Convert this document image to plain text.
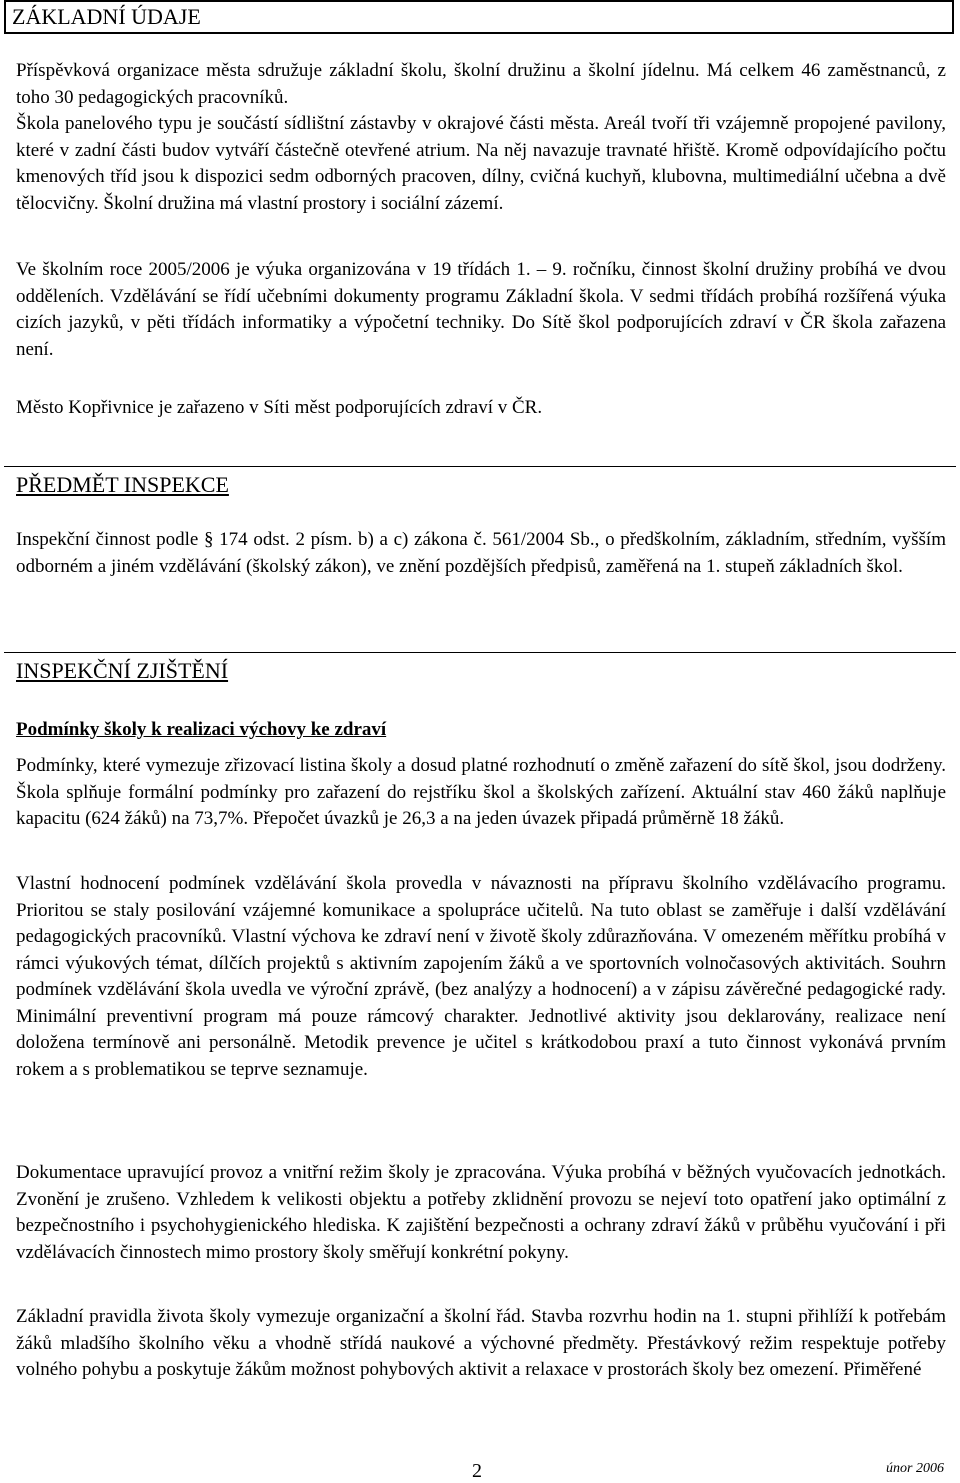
ZÁKLADNÍ ÚDAJE

Příspěvková organizace města sdružuje základní školu, školní družinu a školní jídelnu. Má celkem 46 zaměstnanců, z toho 30 pedagogických pracovníků.

Škola panelového typu je součástí sídlištní zástavby v okrajové části města. Areál tvoří tři vzájemně propojené pavilony, které v zadní části budov vytváří částečně otevřené atrium. Na něj navazuje travnaté hřiště. Kromě odpovídajícího počtu kmenových tříd jsou k dispozici sedm odborných pracoven, dílny, cvičná kuchyň, klubovna, multimediální učebna a dvě tělocvičny. Školní družina má vlastní prostory i sociální zázemí.

Ve školním roce 2005/2006 je výuka organizována v 19 třídách 1. – 9. ročníku, činnost školní družiny probíhá ve dvou odděleních. Vzdělávání se řídí učebními dokumenty programu Základní škola. V sedmi třídách probíhá rozšířená výuka cizích jazyků, v pěti třídách informatiky a výpočetní techniky. Do Sítě škol podporujících zdraví v ČR škola zařazena není.

Město Kopřivnice je zařazeno v Síti měst podporujících zdraví v ČR.

PŘEDMĚT INSPEKCE

Inspekční činnost podle § 174 odst. 2 písm. b) a c) zákona č. 561/2004 Sb., o předškolním, základním, středním, vyšším odborném a jiném vzdělávání (školský zákon), ve znění pozdějších předpisů, zaměřená na 1. stupeň základních škol.

INSPEKČNÍ ZJIŠTĚNÍ
Podmínky školy k realizaci výchovy ke zdraví

Podmínky, které vymezuje zřizovací listina školy a dosud platné rozhodnutí o změně zařazení do sítě škol, jsou dodrženy. Škola splňuje formální podmínky pro zařazení do rejstříku škol a školských zařízení. Aktuální stav 460 žáků naplňuje kapacitu (624 žáků) na 73,7%. Přepočet úvazků je 26,3 a na jeden úvazek připadá průměrně 18 žáků.

Vlastní hodnocení podmínek vzdělávání škola provedla v návaznosti na přípravu školního vzdělávacího programu. Prioritou se staly posilování vzájemné komunikace a spolupráce učitelů. Na tuto oblast se zaměřuje i další vzdělávání pedagogických pracovníků. Vlastní výchova ke zdraví není v životě školy zdůrazňována. V omezeném měřítku probíhá v rámci výukových témat, dílčích projektů s aktivním zapojením žáků a ve sportovních volnočasových aktivitách. Souhrn podmínek vzdělávání škola uvedla ve výroční zprávě, (bez analýzy a hodnocení) a v zápisu závěrečné pedagogické rady. Minimální preventivní program má pouze rámcový charakter. Jednotlivé aktivity jsou deklarovány, realizace není doložena termínově ani personálně. Metodik prevence je učitel s krátkodobou praxí a tuto činnost vykonává prvním rokem a s problematikou se teprve seznamuje.

Dokumentace upravující provoz a vnitřní režim školy je zpracována. Výuka probíhá v běžných vyučovacích jednotkách. Zvonění je zrušeno. Vzhledem k velikosti objektu a potřeby zklidnění provozu se nejeví toto opatření jako optimální z bezpečnostního i psychohygienického hlediska. K zajištění bezpečnosti a ochrany zdraví žáků v průběhu vyučování i při vzdělávacích činnostech mimo prostory školy směřují konkrétní pokyny.

Základní pravidla života školy vymezuje organizační a školní řád. Stavba rozvrhu hodin na 1. stupni přihlíží k potřebám žáků mladšího školního věku a vhodně střídá naukové a výchovné předměty. Přestávkový režim respektuje potřeby volného pohybu a poskytuje žákům možnost pohybových aktivit a relaxace v prostorách školy bez omezení. Přiměřené

2	únor 2006
